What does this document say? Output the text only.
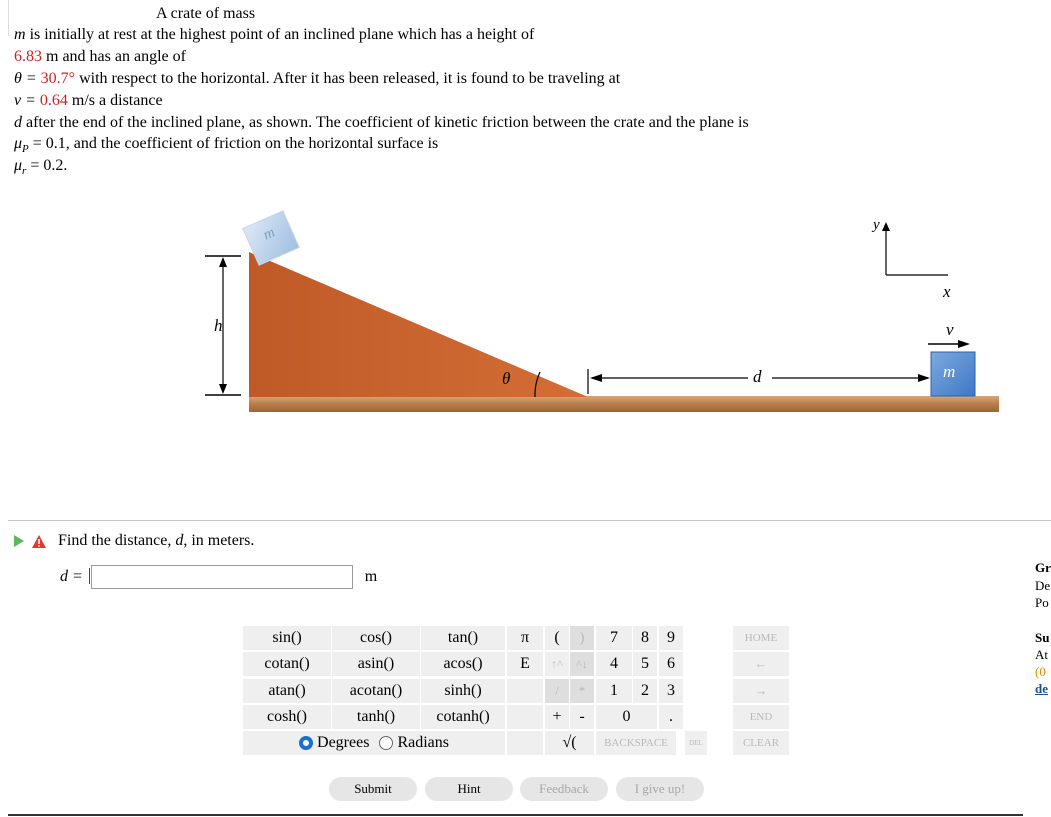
A crate of mass
m is initially at rest at the highest point of an inclined plane which has a height of
6.83 m and has an angle of
θ = 30.7° with respect to the horizontal. After it has been released, it is found to be traveling at
v = 0.64 m/s a distance
d after the end of the inclined plane, as shown. The coefficient of kinetic friction between the crate and the plane is
$\mu_P = 0.1$, and the coefficient of friction on the horizontal surface is
$\mu_r = 0.2$.
m
h
θ	d
v
m
x
y
Find the distance, d, in meters.
d =	m
sin()	cos()	tan()
cotan()	asin()	acos()
atan()	acotan()	sinh()
cosh()	tanh()	cotanh()
Degrees Radians
π
E
(	)
↑^	^↓
/	*
+	-
√(
7	8	9
4	5	6
1	2	3
0	.
BACKSPACE	DEL
HOME
←
→
END
CLEAR
Submit	Hint	Feedback	I give up!
Gr
De
Po
Su
At
(0
de
